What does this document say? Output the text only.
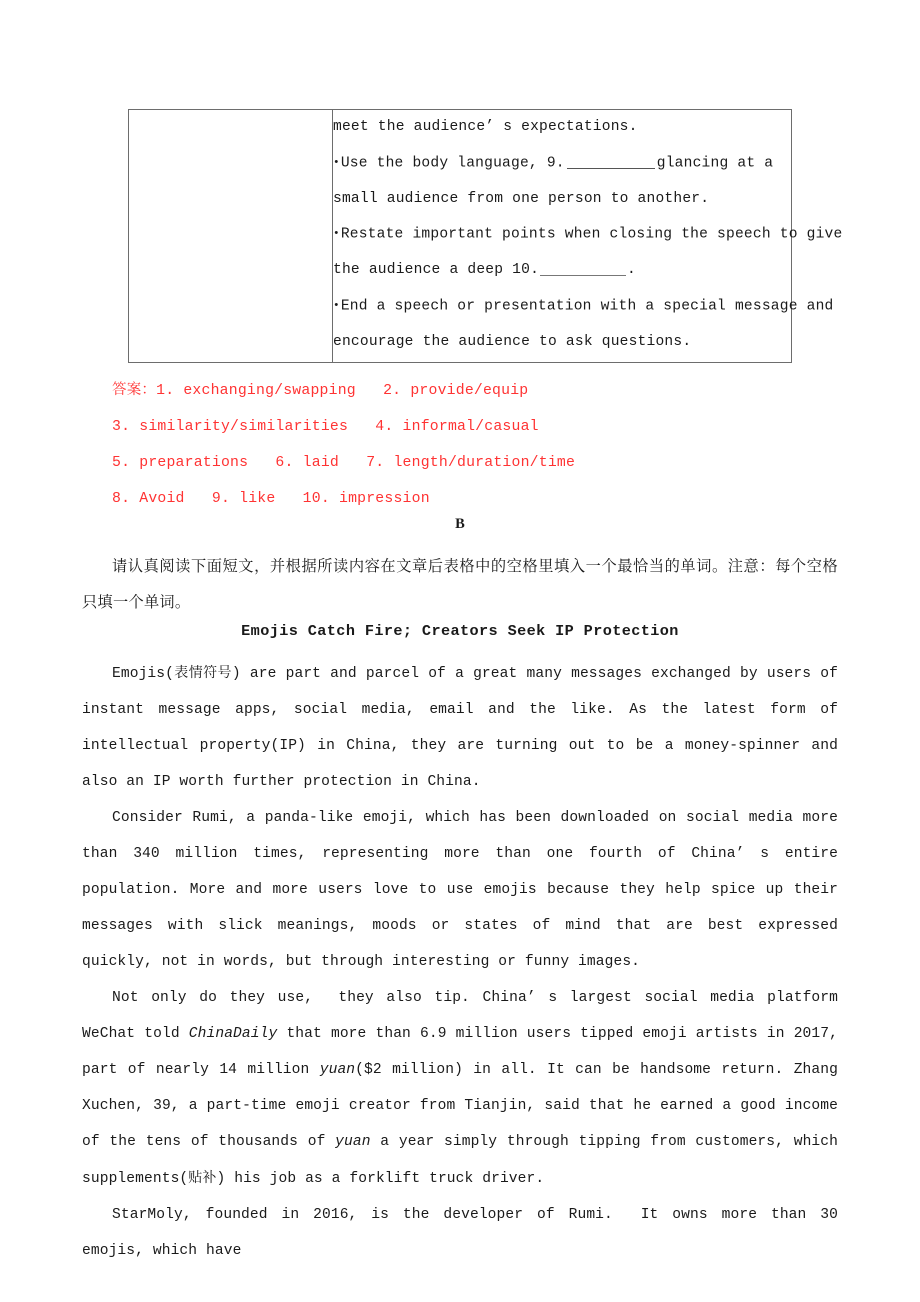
meet the audience’ s expectations.
•Use the body language, 9.	glancing at a
small audience from one person to another.
•Restate important points when closing the speech to give
the audience a deep 10.	.
•End a speech or presentation with a special message and
encourage the audience to ask questions.
答案：1. exchanging/swapping   2. provide/equip
3. similarity/similarities   4. informal/casual
5. preparations   6. laid   7. length/duration/time
8. Avoid   9. like   10. impression
B
请认真阅读下面短文，并根据所读内容在文章后表格中的空格里填入一个最恰当的单词。注意：每个空格只填一个单词。
Emojis Catch Fire; Creators Seek IP Protection

Emojis(表情符号) are part and parcel of a great many messages exchanged by users of instant message apps, social media, email and the like. As the latest form of intellectual property(IP) in China, they are turning out to be a money-spinner and also an IP worth further protection in China.

Consider Rumi, a panda-like emoji, which has been downloaded on social media more than 340 million times, representing more than one fourth of China’ s entire population. More and more users love to use emojis because they help spice up their messages with slick meanings, moods or states of mind that are best expressed quickly, not in words, but through interesting or funny images.

Not only do they use,  they also tip. China’ s largest social media platform WeChat told ChinaDaily that more than 6.9 million users tipped emoji artists in 2017, part of nearly 14 million yuan($2 million) in all. It can be handsome return. Zhang Xuchen, 39, a part-time emoji creator from Tianjin, said that he earned a good income of the tens of thousands of yuan a year simply through tipping from customers, which supplements(贴补) his job as a forklift truck driver.

StarMoly, founded in 2016, is the developer of Rumi.  It owns more than 30 emojis, which have
